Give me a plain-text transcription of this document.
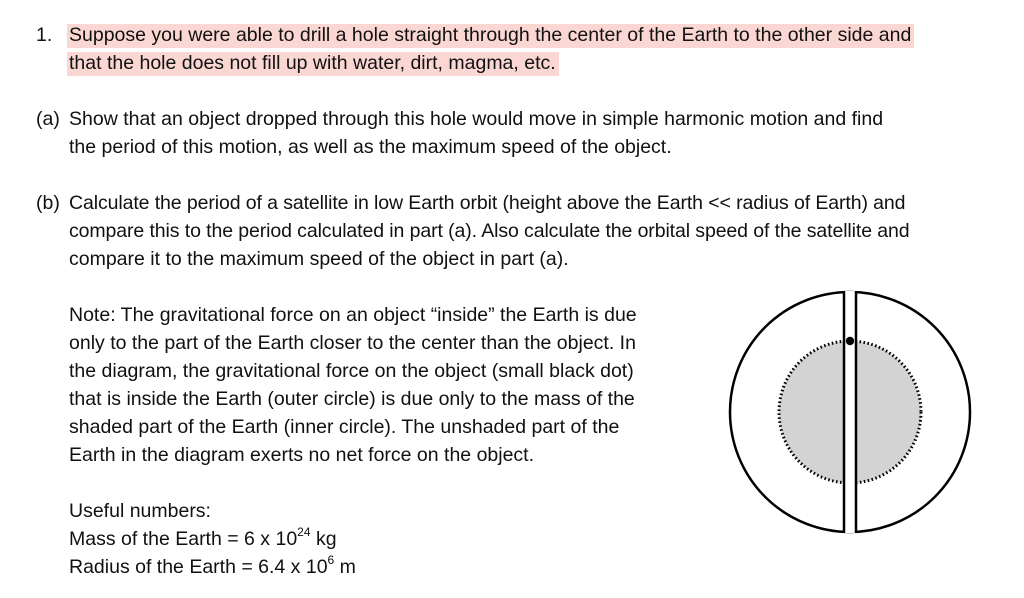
1. Suppose you were able to drill a hole straight through the center of the Earth to the other side and
that the hole does not fill up with water, dirt, magma, etc.
(a) Show that an object dropped through this hole would move in simple harmonic motion and find
the period of this motion, as well as the maximum speed of the object.
(b) Calculate the period of a satellite in low Earth orbit (height above the Earth << radius of Earth) and
compare this to the period calculated in part (a). Also calculate the orbital speed of the satellite and
compare it to the maximum speed of the object in part (a).
Note: The gravitational force on an object “inside” the Earth is due
only to the part of the Earth closer to the center than the object. In
the diagram, the gravitational force on the object (small black dot)
that is inside the Earth (outer circle) is due only to the mass of the
shaded part of the Earth (inner circle). The unshaded part of the
Earth in the diagram exerts no net force on the object.
Useful numbers:
Mass of the Earth = 6 x $10^{24}$ kg
Radius of the Earth = 6.4 x $10^6$ m
